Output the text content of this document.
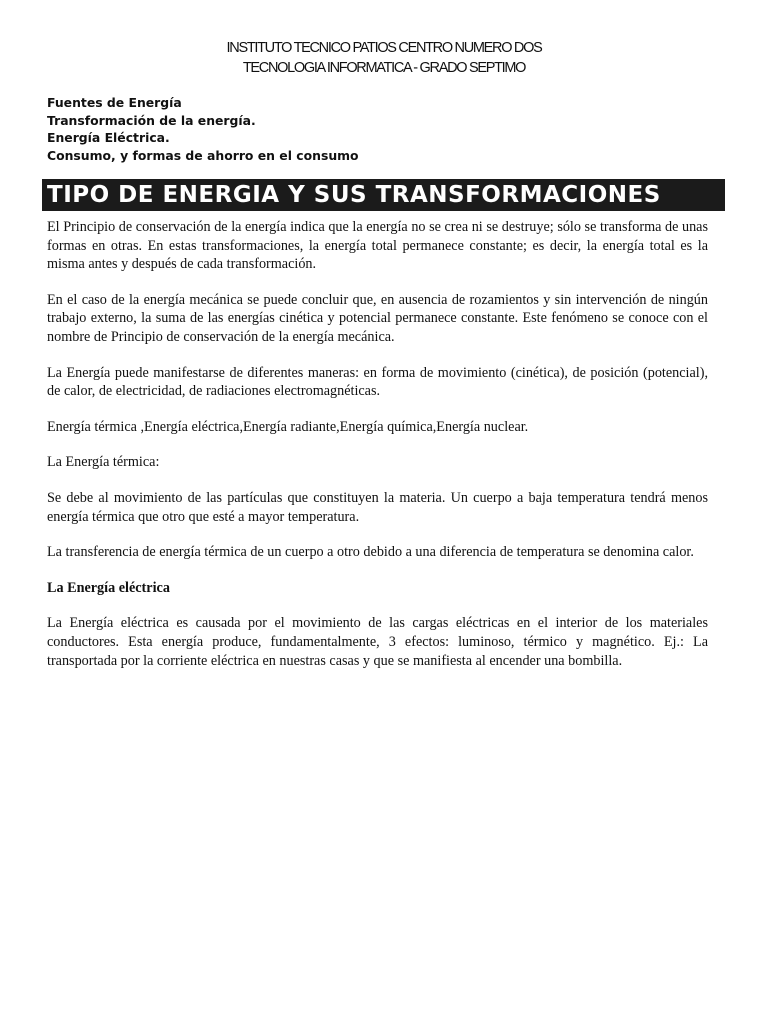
INSTITUTO TECNICO PATIOS CENTRO NUMERO DOS
TECNOLOGIA INFORMATICA - GRADO SEPTIMO
Fuentes de Energía
Transformación de la energía.
Energía Eléctrica.
Consumo, y formas de ahorro en el consumo
TIPO DE ENERGIA Y SUS TRANSFORMACIONES

El Principio de conservación de la energía indica que la energía no se crea ni se destruye; sólo se transforma de unas formas en otras. En estas transformaciones, la energía total permanece constante; es decir, la energía total es la misma antes y después de cada transformación.

En el caso de la energía mecánica se puede concluir que, en ausencia de rozamientos y sin intervención de ningún trabajo externo, la suma de las energías cinética y potencial permanece constante. Este fenómeno se conoce con el nombre de Principio de conservación de la energía mecánica.

La Energía puede manifestarse de diferentes maneras: en forma de movimiento (cinética), de posición (potencial), de calor, de electricidad, de radiaciones electromagnéticas.

Energía térmica ,Energía eléctrica,Energía radiante,Energía química,Energía nuclear.

La Energía térmica:

Se debe al movimiento de las partículas que constituyen la materia. Un cuerpo a baja temperatura tendrá menos energía térmica que otro que esté a mayor temperatura.

La transferencia de energía térmica de un cuerpo a otro debido a una diferencia de temperatura se denomina calor.

La Energía eléctrica

La Energía eléctrica es causada por el movimiento de las cargas eléctricas en el interior de los materiales conductores. Esta energía produce, fundamentalmente, 3 efectos: luminoso, térmico y magnético. Ej.: La transportada por la corriente eléctrica en nuestras casas y que se manifiesta al encender una bombilla.
